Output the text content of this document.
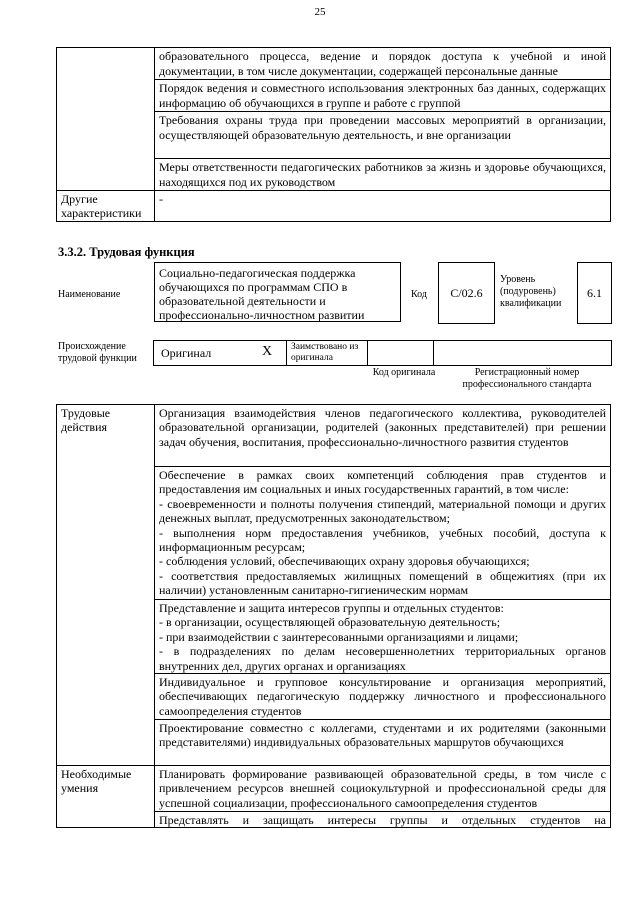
25
	образовательного процесса, ведение и порядок доступа к учебной и иной документации, в том числе документации, содержащей персональные данные
	Порядок ведения и совместного использования электронных баз данных, содержащих информацию об обучающихся в группе и работе с группой
	Требования охраны труда при проведении массовых мероприятий в организации, осуществляющей образовательную деятельность, и вне организации
	Меры ответственности педагогических работников за жизнь и здоровье обучающихся, находящихся под их руководством
Другие характеристики	-
3.3.2. Трудовая функция
Наименование
Социально-педагогическая поддержка обучающихся по программам СПО в образовательной деятельности и профессионально-личностном развитии
Код С/02.6
Уровень (подуровень) квалификации
6.1
Происхождение трудовой функции	Оригинал	X Заимствовано из оригинала
Код оригинала	Регистрационный номер профессионального стандарта
Трудовые действия	Организация взаимодействия членов педагогического коллектива, руководителей образовательной организации, родителей (законных представителей) при решении задач обучения, воспитания, профессионально-личностного развития студентов
	Обеспечение в рамках своих компетенций соблюдения прав студентов и предоставления им социальных и иных государственных гарантий, в том числе:
- своевременности и полноты получения стипендий, материальной помощи и других денежных выплат, предусмотренных законодательством;
- выполнения норм предоставления учебников, учебных пособий, доступа к информационным ресурсам;
- соблюдения условий, обеспечивающих охрану здоровья обучающихся;
- соответствия предоставляемых жилищных помещений в общежитиях (при их наличии) установленным санитарно-гигиеническим нормам
	Представление и защита интересов группы и отдельных студентов:
- в организации, осуществляющей образовательную деятельность;
- при взаимодействии с заинтересованными организациями и лицами;
- в подразделениях по делам несовершеннолетних территориальных органов внутренних дел, других органах и организациях
	Индивидуальное и групповое консультирование и организация мероприятий, обеспечивающих педагогическую поддержку личностного и профессионального самоопределения студентов
	Проектирование совместно с коллегами, студентами и их родителями (законными представителями) индивидуальных образовательных маршрутов обучающихся
Необходимые умения	Планировать формирование развивающей образовательной среды, в том числе с привлечением ресурсов внешней социокультурной и профессиональной среды для успешной социализации, профессионального самоопределения студентов
	Представлять и защищать интересы группы и отдельных студентов на
